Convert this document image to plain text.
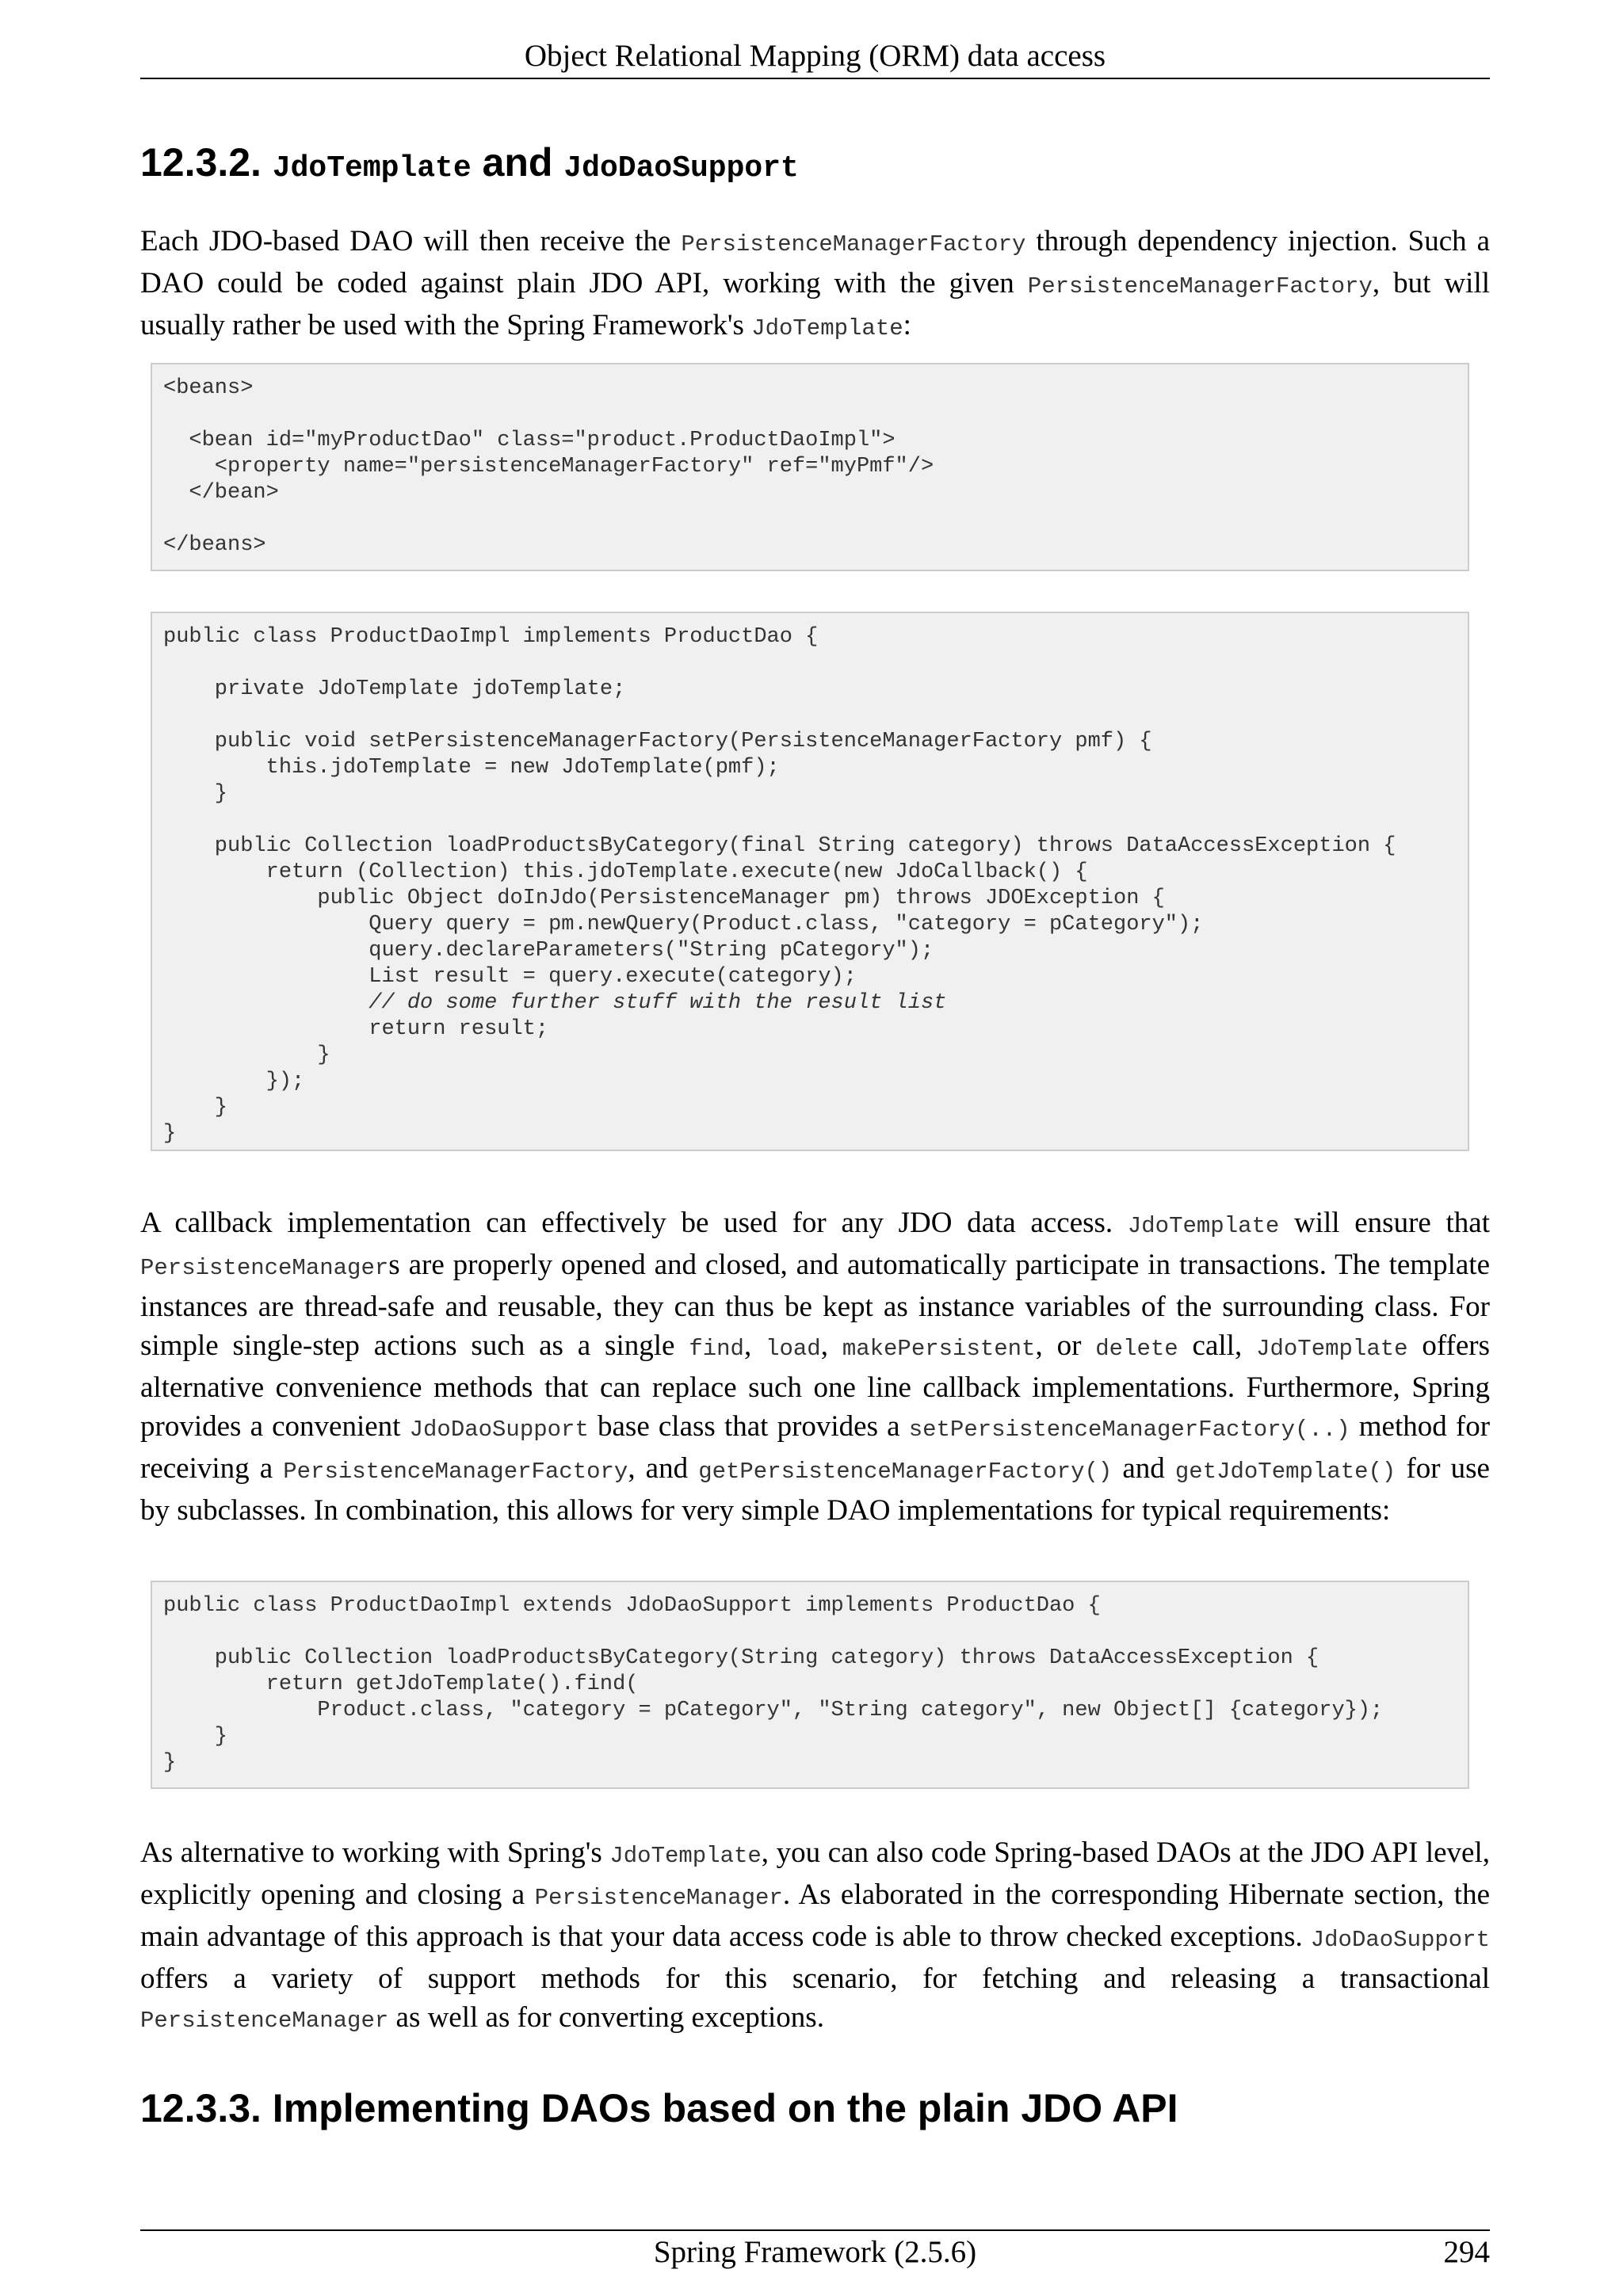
Object Relational Mapping (ORM) data access
12.3.2. JdoTemplate and JdoDaoSupport

Each JDO-based DAO will then receive the PersistenceManagerFactory through dependency injection. Such a DAO could be coded against plain JDO API, working with the given PersistenceManagerFactory, but will usually rather be used with the Spring Framework's JdoTemplate:

<beans>

<bean id="myProductDao" class="product.ProductDaoImpl">
<property name="persistenceManagerFactory" ref="myPmf"/>
</bean>

</beans>
public class ProductDaoImpl implements ProductDao {

private JdoTemplate jdoTemplate;

public void setPersistenceManagerFactory(PersistenceManagerFactory pmf) {
this.jdoTemplate = new JdoTemplate(pmf);
}

public Collection loadProductsByCategory(final String category) throws DataAccessException {
return (Collection) this.jdoTemplate.execute(new JdoCallback() {
public Object doInJdo(PersistenceManager pm) throws JDOException {
Query query = pm.newQuery(Product.class, "category = pCategory");
query.declareParameters("String pCategory");
List result = query.execute(category);
// do some further stuff with the result list
return result;
}
});
}
}

A callback implementation can effectively be used for any JDO data access. JdoTemplate will ensure that PersistenceManagers are properly opened and closed, and automatically participate in transactions. The template instances are thread-safe and reusable, they can thus be kept as instance variables of the surrounding class. For simple single-step actions such as a single find, load, makePersistent, or delete call, JdoTemplate offers alternative convenience methods that can replace such one line callback implementations. Furthermore, Spring provides a convenient JdoDaoSupport base class that provides a setPersistenceManagerFactory(..) method for receiving a PersistenceManagerFactory, and getPersistenceManagerFactory() and getJdoTemplate() for use by subclasses. In combination, this allows for very simple DAO implementations for typical requirements:

public class ProductDaoImpl extends JdoDaoSupport implements ProductDao {

public Collection loadProductsByCategory(String category) throws DataAccessException {
return getJdoTemplate().find(
Product.class, "category = pCategory", "String category", new Object[] {category});
}
}

As alternative to working with Spring's JdoTemplate, you can also code Spring-based DAOs at the JDO API level, explicitly opening and closing a PersistenceManager. As elaborated in the corresponding Hibernate section, the main advantage of this approach is that your data access code is able to throw checked exceptions. JdoDaoSupport offers a variety of support methods for this scenario, for fetching and releasing a transactional PersistenceManager as well as for converting exceptions.

12.3.3. Implementing DAOs based on the plain JDO API
Spring Framework (2.5.6)	294
